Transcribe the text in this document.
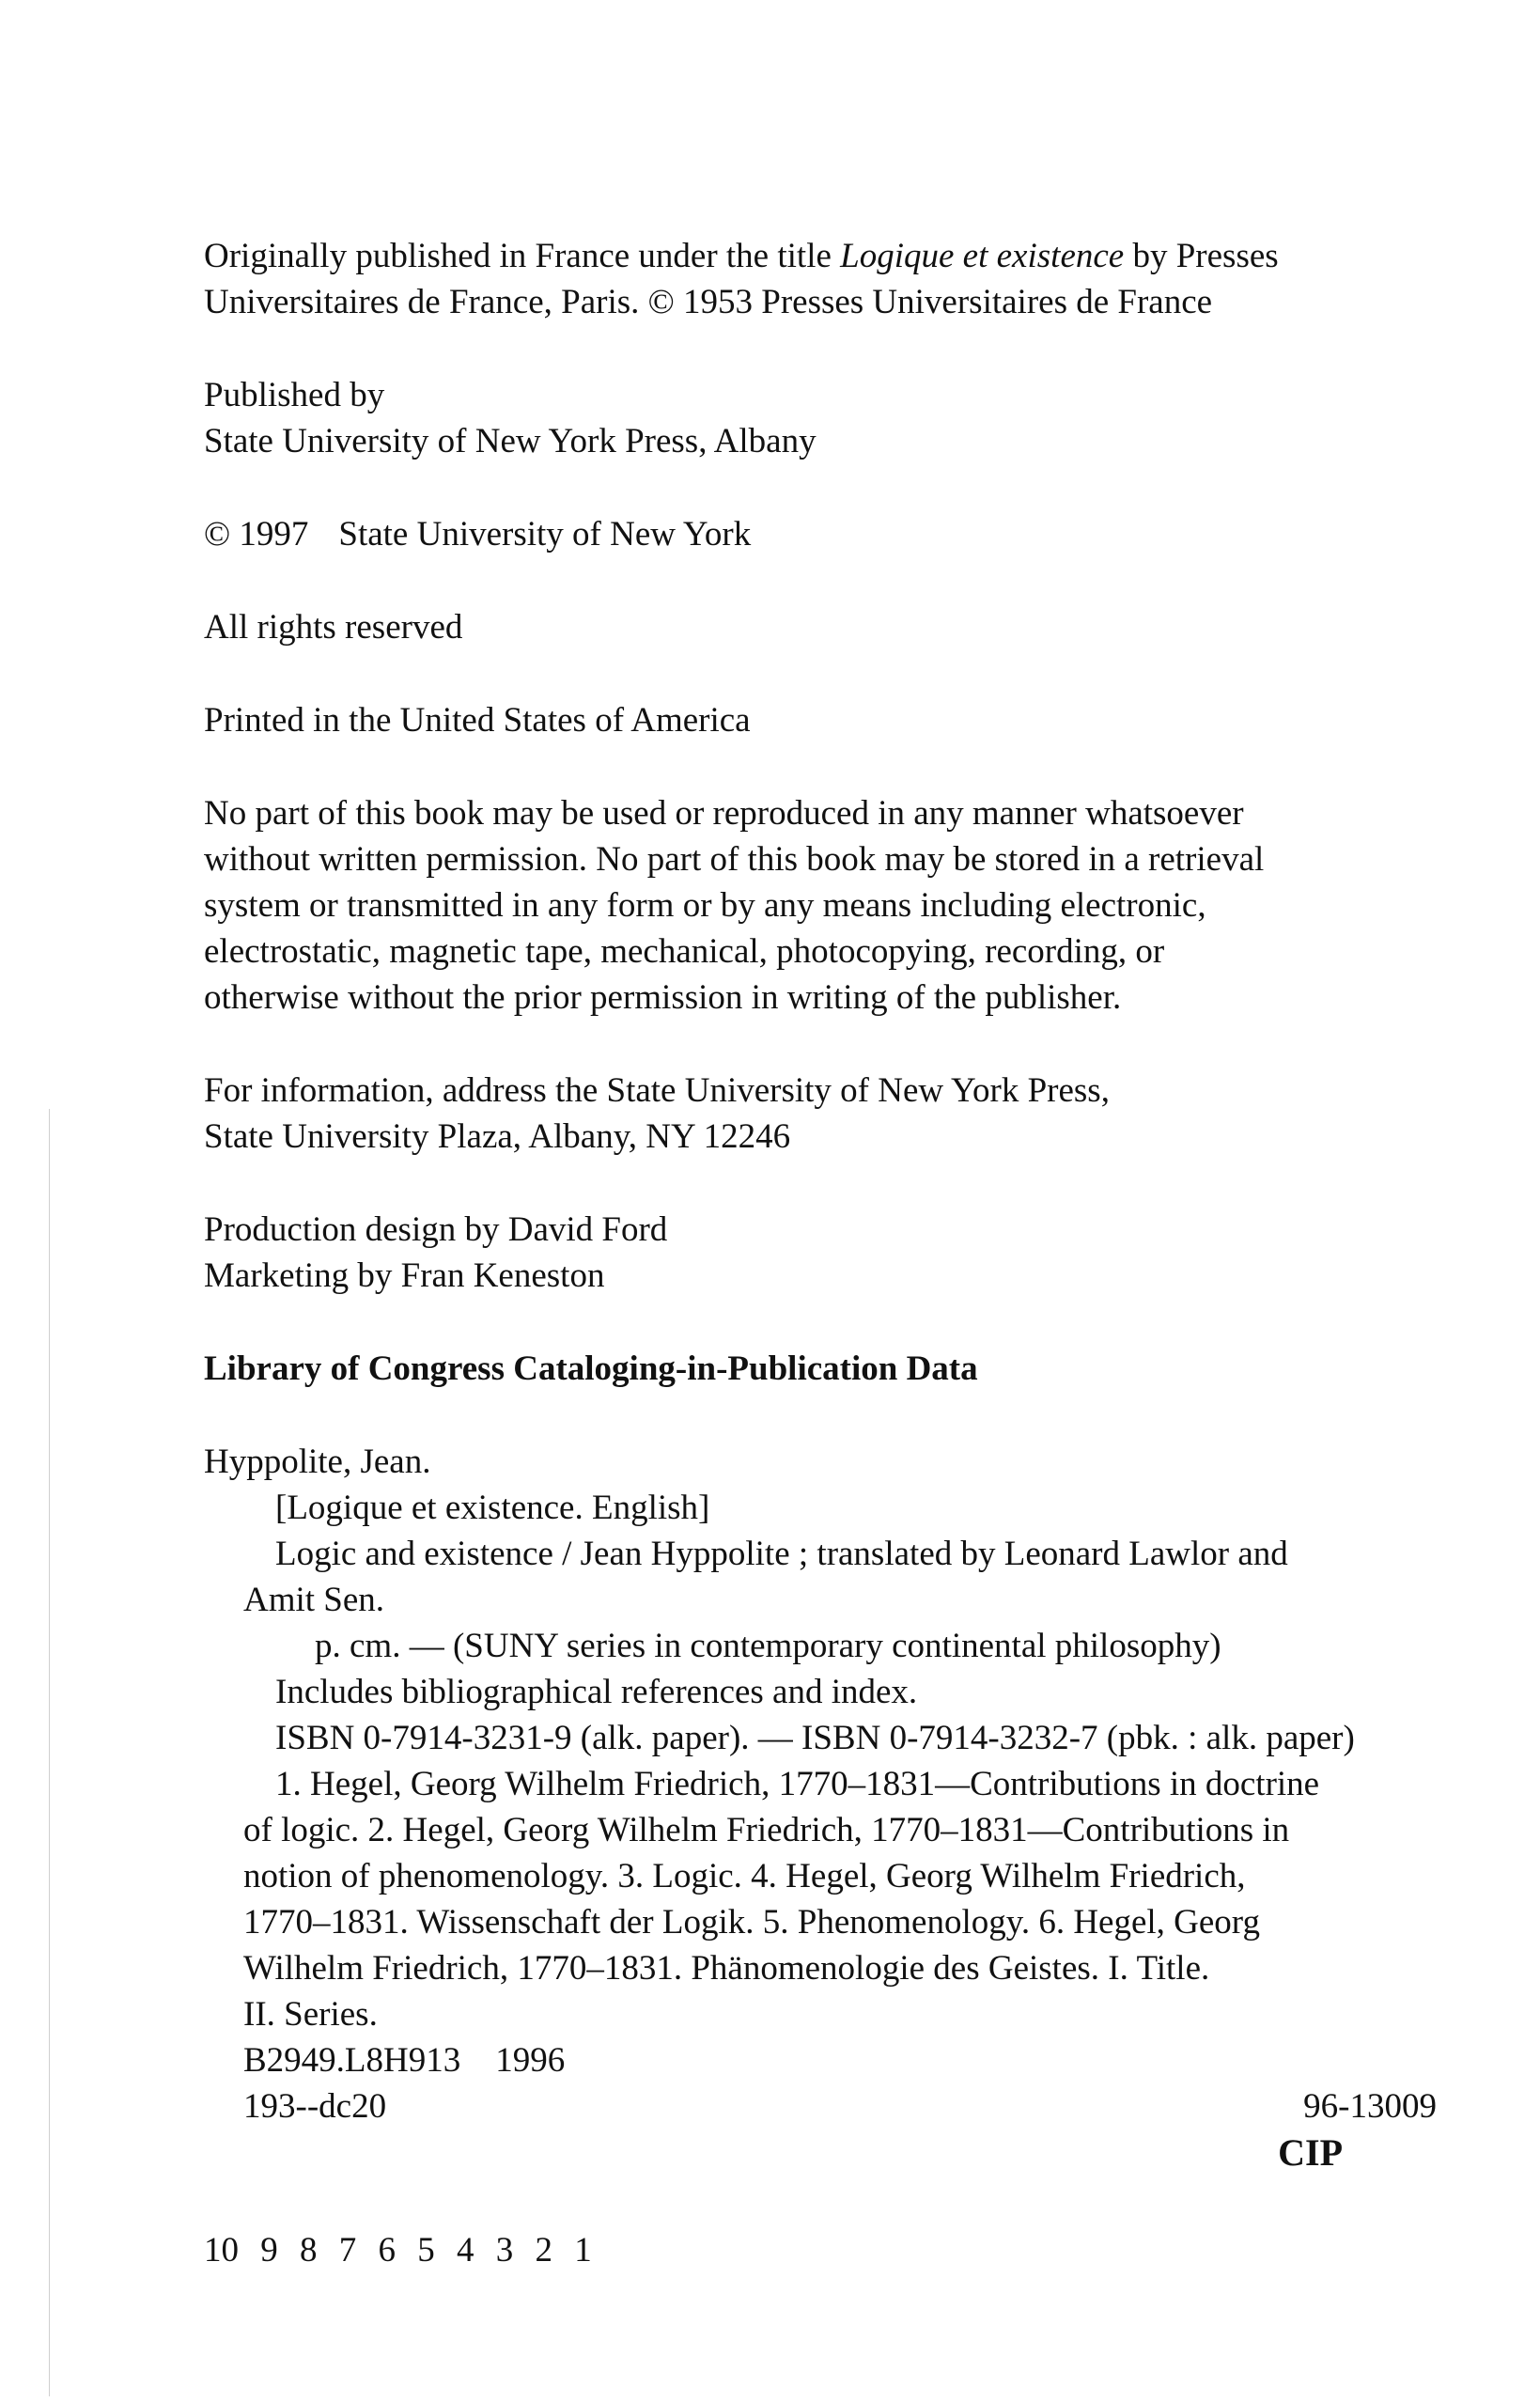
Originally published in France under the title Logique et existence by Presses
Universitaires de France, Paris. © 1953 Presses Universitaires de France

Published by
State University of New York Press, Albany

© 1997 State University of New York

All rights reserved

Printed in the United States of America

No part of this book may be used or reproduced in any manner whatsoever
without written permission. No part of this book may be stored in a retrieval
system or transmitted in any form or by any means including electronic,
electrostatic, magnetic tape, mechanical, photocopying, recording, or
otherwise without the prior permission in writing of the publisher.

For information, address the State University of New York Press,
State University Plaza, Albany, NY 12246

Production design by David Ford
Marketing by Fran Keneston

Library of Congress Cataloging-in-Publication Data

Hyppolite, Jean.
[Logique et existence. English]
Logic and existence / Jean Hyppolite ; translated by Leonard Lawlor and
Amit Sen.
p. cm. — (SUNY series in contemporary continental philosophy)
Includes bibliographical references and index.
ISBN 0-7914-3231-9 (alk. paper). — ISBN 0-7914-3232-7 (pbk. : alk. paper)
1. Hegel, Georg Wilhelm Friedrich, 1770–1831—Contributions in doctrine
of logic. 2. Hegel, Georg Wilhelm Friedrich, 1770–1831—Contributions in
notion of phenomenology. 3. Logic. 4. Hegel, Georg Wilhelm Friedrich,
1770–1831. Wissenschaft der Logik. 5. Phenomenology. 6. Hegel, Georg
Wilhelm Friedrich, 1770–1831. Phänomenologie des Geistes. I. Title.
II. Series.
B2949.L8H913    1996
193--dc20	96-13009
CIP
10 9 8 7 6 5 4 3 2 1
